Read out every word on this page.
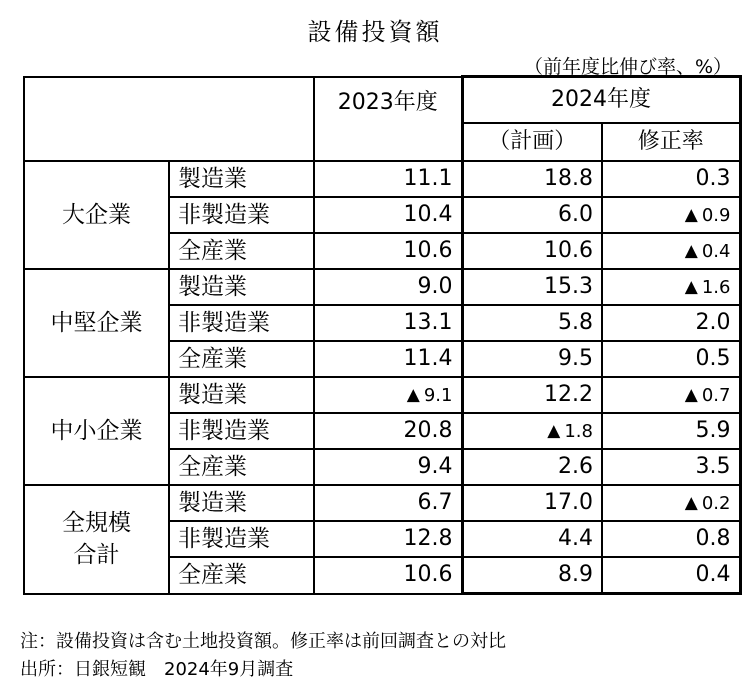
設備投資額
（前年度比伸び率、%）
		2023年度	2024年度	
			（計画）	修正率
大企業	製造業	11.1	18.8	0.3
	非製造業	10.4	6.0	▲ 0.9
	全産業	10.6	10.6	▲ 0.4
中堅企業	製造業	9.0	15.3	▲ 1.6
	非製造業	13.1	5.8	2.0
	全産業	11.4	9.5	0.5
中小企業	製造業	▲ 9.1	12.2	▲ 0.7
	非製造業	20.8	▲ 1.8	5.9
	全産業	9.4	2.6	3.5
全規模
合計	製造業	6.7	17.0	▲ 0.2
	非製造業	12.8	4.4	0.8
	全産業	10.6	8.9	0.4
注：設備投資は含む土地投資額。修正率は前回調査との対比
出所：日銀短観　2024年9月調査
